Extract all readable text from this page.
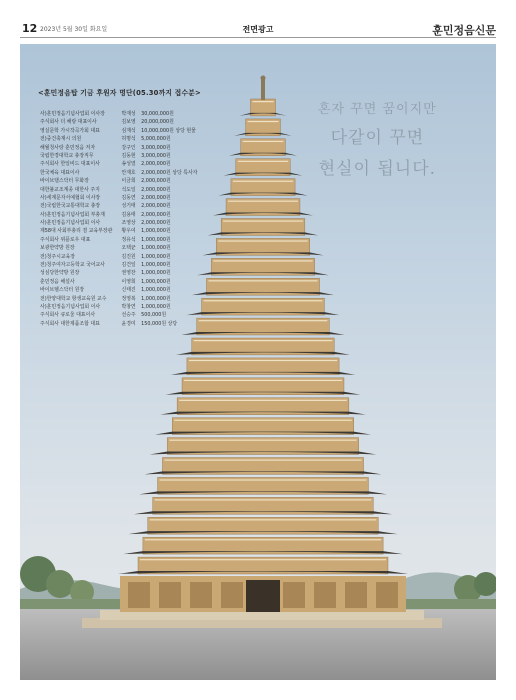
12 2023년 5월 30일 화요일	전면광고	훈민정음신문
<훈민정음탑 기금 후원자 명단(05.30까지 접수분>
사)훈민정음기념사업회 이사장	박재성	30,000,000원
주식회사 더 해랑 대표이사	김보영	20,000,000원
영실문학 가시작곡가회 대표	심재석	10,000,000원 상당 현물
전)중건축재시 의원	허명석	5,000,000원
해월청사랑 훈민정음 저자	강구인	3,000,000원
국립한경대학교 총장직무	김동현	3,000,000원
주식회사 한일비드 대표이사	송성열	2,000,000원
한국체육 대표이사	안재호	2,000,000원 상당 특사자
바이브탤스닥터 무화장	이금희	2,000,000원
대한불교조계종 대한사 주지	석도일	2,000,000원
사)세계문자서예협회 이사장	김동연	2,000,000원
전)국립한국교통대학교 총장	성기태	2,000,000원
사)훈민정음기념사업회 부총재	김용태	2,000,000원
사)훈민정음기념사업회 이사	조영상	2,000,000원
제58대 사회부총리 겸 교육부장관	황우여	1,000,000원
주식회사 위플로우 대표	정유석	1,000,000원
보광한약방 원장	오택균	1,000,000원
전)청주시교육장	김진원	1,000,000원
전)청주여자고등학교 국어교사	김건일	1,000,000원
성심당한약방 원장	권영찬	1,000,000원
훈민정음 해설사	이영희	1,000,000원
바이브헬스닥터 원장	신태진	1,000,000원
전)한양대학교 항생교육원 교수	정영복	1,000,000원
사)훈민정음기념사업회 이사	박창연	1,000,000원
주식회사 큐로울 대표이사	선승주	500,000원
주식회사 대한제품조합 대표	윤경미	150,000원 상당
혼자 꾸면 꿈이지만
다같이 꾸면
현실이 됩니다.
